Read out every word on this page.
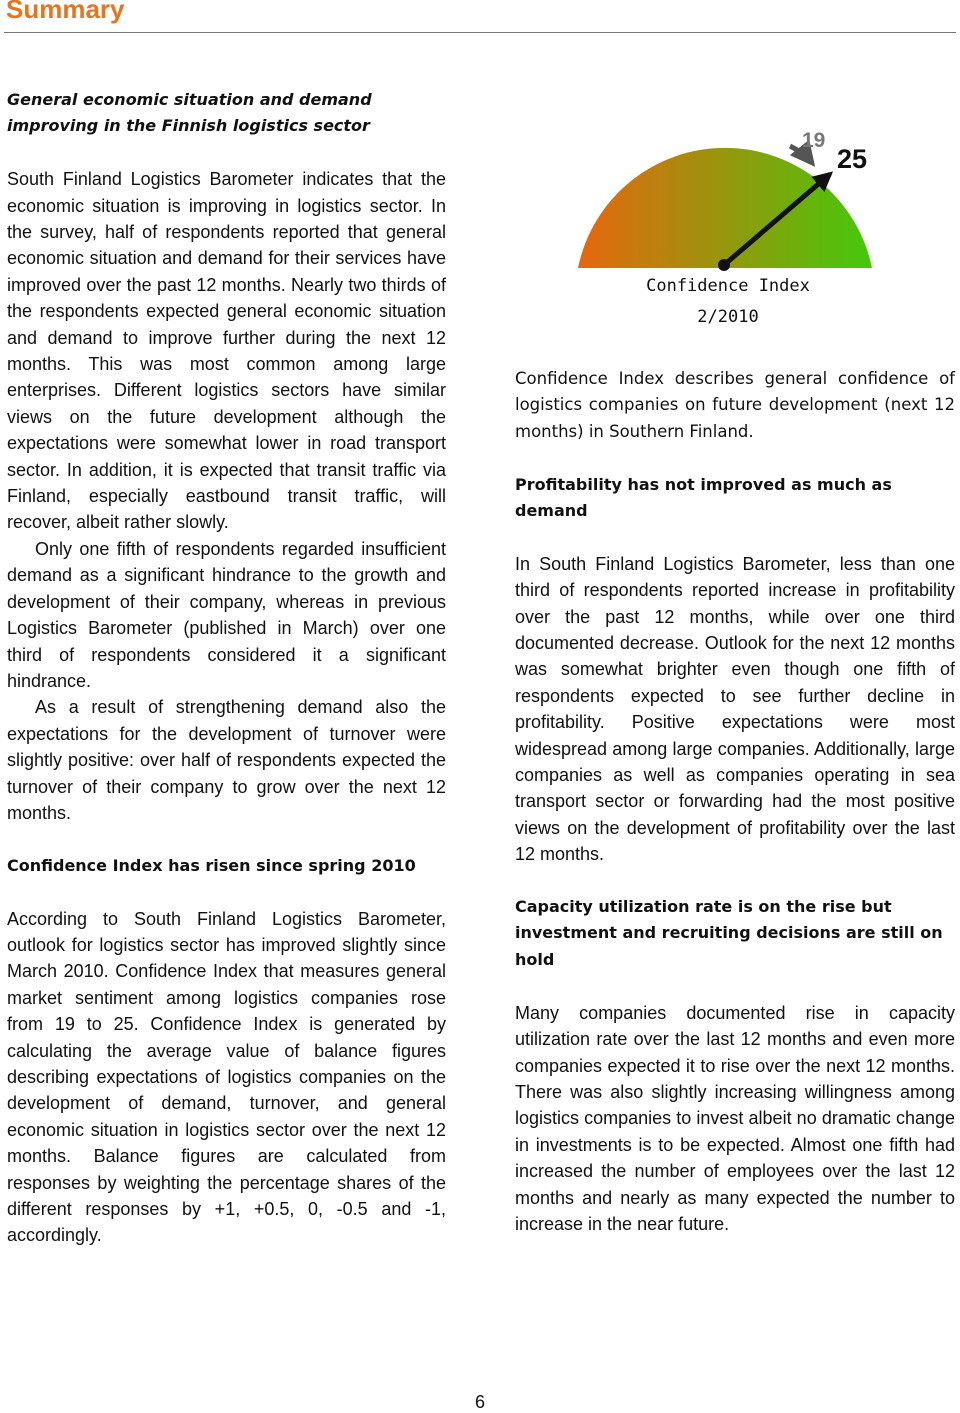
Summary
General economic situation and demand improving in the Finnish logistics sector

South Finland Logistics Barometer indicates that the economic situation is improving in logistics sector. In the survey, half of respondents reported that general economic situation and demand for their services have improved over the past 12 months. Nearly two thirds of the respondents expected general economic situation and demand to improve further during the next 12 months. This was most common among large enterprises. Different logistics sectors have similar views on the future development although the expectations were somewhat lower in road transport sector. In addition, it is expected that transit traffic via Finland, especially eastbound transit traffic, will recover, albeit rather slowly.

Only one fifth of respondents regarded insufficient demand as a significant hindrance to the growth and development of their company, whereas in previous Logistics Barometer (published in March) over one third of respondents considered it a significant hindrance.

As a result of strengthening demand also the expectations for the development of turnover were slightly positive: over half of respondents expected the turnover of their company to grow over the next 12 months.

Confidence Index has risen since spring 2010

According to South Finland Logistics Barometer, outlook for logistics sector has improved slightly since March 2010. Confidence Index that measures general market sentiment among logistics companies rose from 19 to 25. Confidence Index is generated by calculating the average value of balance figures describing expectations of logistics companies on the development of demand, turnover, and general economic situation in logistics sector over the next 12 months. Balance figures are calculated from responses by weighting the percentage shares of the different responses by +1, +0.5, 0, -0.5 and -1, accordingly.

19
25
Confidence Index
2/2010

Confidence Index describes general confidence of logistics companies on future development (next 12 months) in Southern Finland.

Profitability has not improved as much as demand

In South Finland Logistics Barometer, less than one third of respondents reported increase in profitability over the past 12 months, while over one third documented decrease. Outlook for the next 12 months was somewhat brighter even though one fifth of respondents expected to see further decline in profitability. Positive expectations were most widespread among large companies. Additionally, large companies as well as companies operating in sea transport sector or forwarding had the most positive views on the development of profitability over the last 12 months.

Capacity utilization rate is on the rise but investment and recruiting decisions are still on hold

Many companies documented rise in capacity utilization rate over the last 12 months and even more companies expected it to rise over the next 12 months. There was also slightly increasing willingness among logistics companies to invest albeit no dramatic change in investments is to be expected. Almost one fifth had increased the number of employees over the last 12 months and nearly as many expected the number to increase in the near future.

6
